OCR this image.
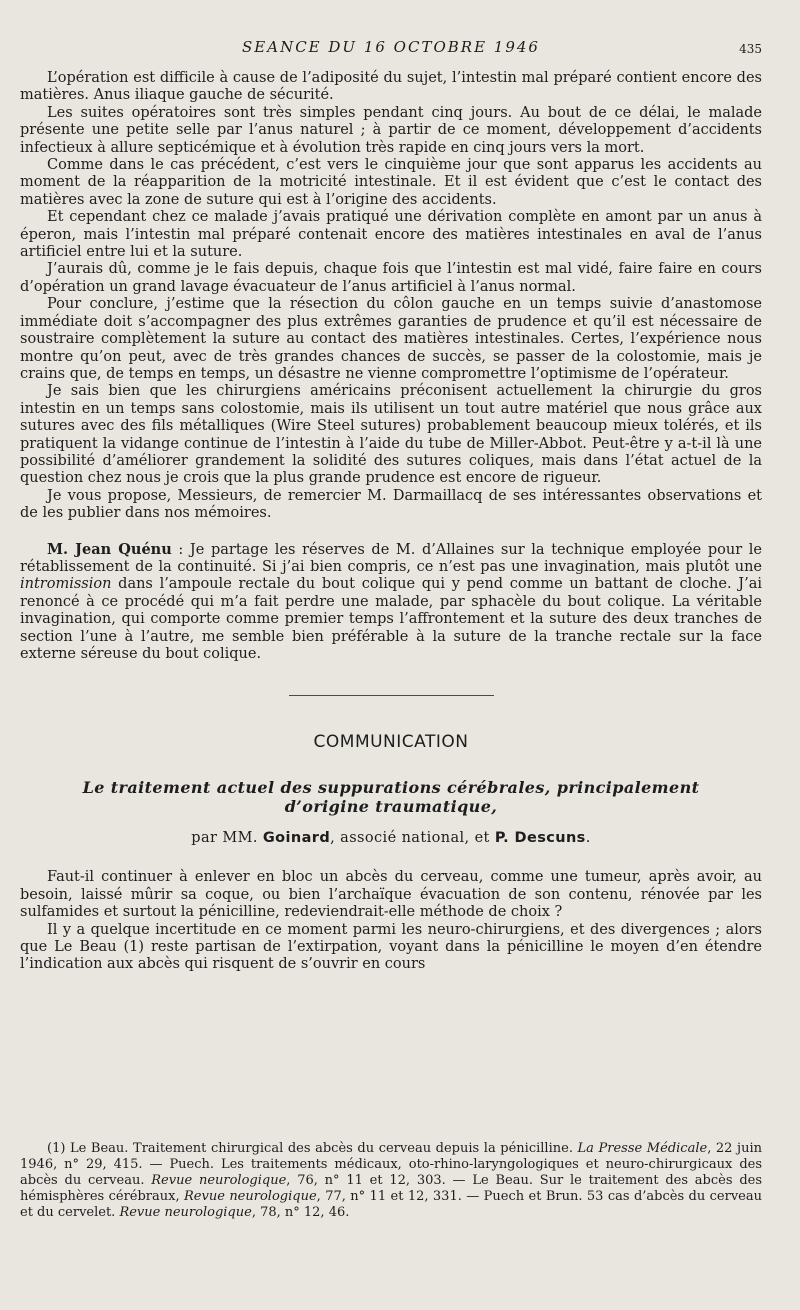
SEANCE DU 16 OCTOBRE 1946	435

L’opération est difficile à cause de l’adiposité du sujet, l’intestin mal préparé contient encore des matières. Anus iliaque gauche de sécurité.

Les suites opératoires sont très simples pendant cinq jours. Au bout de ce délai, le malade présente une petite selle par l’anus naturel ; à partir de ce moment, développement d’accidents infectieux à allure septicémique et à évolution très rapide en cinq jours vers la mort.

Comme dans le cas précédent, c’est vers le cinquième jour que sont apparus les accidents au moment de la réapparition de la motricité intestinale. Et il est évident que c’est le contact des matières avec la zone de suture qui est à l’origine des accidents.

Et cependant chez ce malade j’avais pratiqué une dérivation complète en amont par un anus à éperon, mais l’intestin mal préparé contenait encore des matières intestinales en aval de l’anus artificiel entre lui et la suture.

J’aurais dû, comme je le fais depuis, chaque fois que l’intestin est mal vidé, faire faire en cours d’opération un grand lavage évacuateur de l’anus artificiel à l’anus normal.

Pour conclure, j’estime que la résection du côlon gauche en un temps suivie d’anastomose immédiate doit s’accompagner des plus extrêmes garanties de prudence et qu’il est nécessaire de soustraire complètement la suture au contact des matières intestinales. Certes, l’expérience nous montre qu’on peut, avec de très grandes chances de succès, se passer de la colostomie, mais je crains que, de temps en temps, un désastre ne vienne compromettre l’optimisme de l’opérateur.

Je sais bien que les chirurgiens américains préconisent actuellement la chirurgie du gros intestin en un temps sans colostomie, mais ils utilisent un tout autre matériel que nous grâce aux sutures avec des fils métalliques (Wire Steel sutures) probablement beaucoup mieux tolérés, et ils pratiquent la vidange continue de l’intestin à l’aide du tube de Miller-Abbot. Peut-être y a-t-il là une possibilité d’améliorer grandement la solidité des sutures coliques, mais dans l’état actuel de la question chez nous je crois que la plus grande prudence est encore de rigueur.

Je vous propose, Messieurs, de remercier M. Darmaillacq de ses intéressantes observations et de les publier dans nos mémoires.

M. Jean Quénu : Je partage les réserves de M. d’Allaines sur la technique employée pour le rétablissement de la continuité. Si j’ai bien compris, ce n’est pas une invagination, mais plutôt une intromission dans l’ampoule rectale du bout colique qui y pend comme un battant de cloche. J’ai renoncé à ce procédé qui m’a fait perdre une malade, par sphacèle du bout colique. La véritable invagination, qui comporte comme premier temps l’affrontement et la suture des deux tranches de section l’une à l’autre, me semble bien préférable à la suture de la tranche rectale sur la face externe séreuse du bout colique.

COMMUNICATION
Le traitement actuel des suppurations cérébrales, principalement d’origine traumatique,
par MM. Goinard, associé national, et P. Descuns.

Faut-il continuer à enlever en bloc un abcès du cerveau, comme une tumeur, après avoir, au besoin, laissé mûrir sa coque, ou bien l’archaïque évacuation de son contenu, rénovée par les sulfamides et surtout la pénicilline, redeviendrait-elle méthode de choix ?

Il y a quelque incertitude en ce moment parmi les neuro-chirurgiens, et des divergences ; alors que Le Beau (1) reste partisan de l’extirpation, voyant dans la pénicilline le moyen d’en étendre l’indication aux abcès qui risquent de s’ouvrir en cours

(1) Le Beau. Traitement chirurgical des abcès du cerveau depuis la pénicilline. La Presse Médicale, 22 juin 1946, n° 29, 415. — Puech. Les traitements médicaux, oto-rhino-laryngologiques et neuro-chirurgicaux des abcès du cerveau. Revue neurologique, 76, n° 11 et 12, 303. — Le Beau. Sur le traitement des abcès des hémisphères cérébraux, Revue neurologique, 77, n° 11 et 12, 331. — Puech et Brun. 53 cas d’abcès du cerveau et du cervelet. Revue neurologique, 78, n° 12, 46.
